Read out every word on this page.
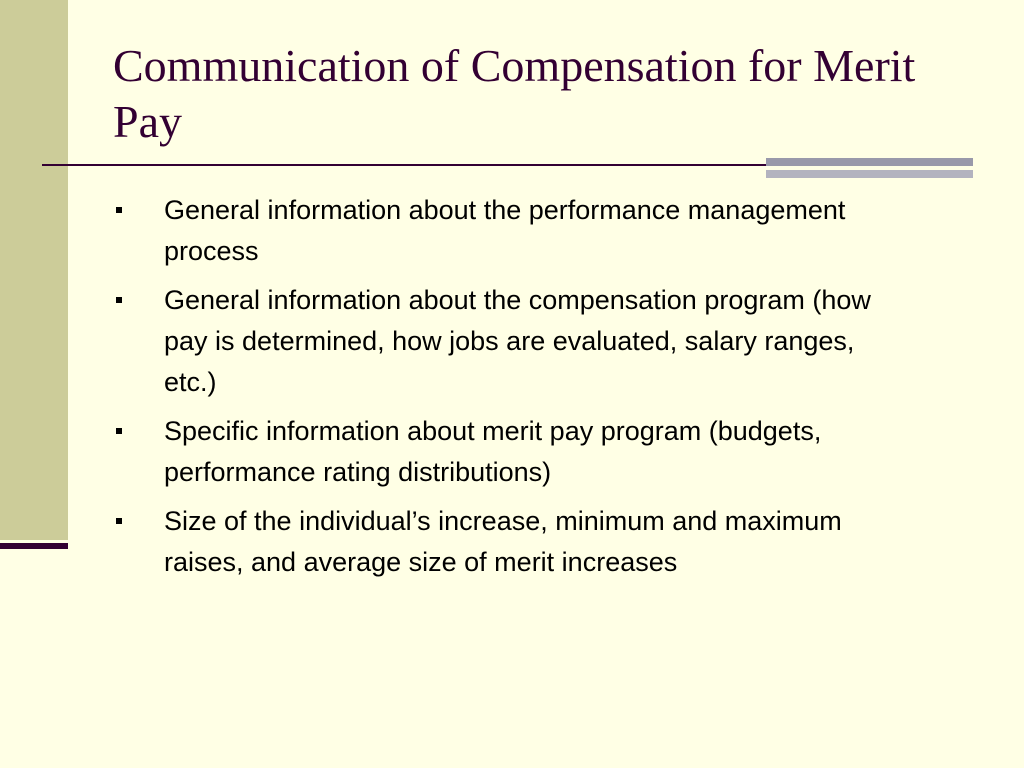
Communication of Compensation for Merit Pay
General information about the performance management process
General information about the compensation program (how pay is determined, how jobs are evaluated, salary ranges, etc.)
Specific information about merit pay program (budgets, performance rating distributions)
Size of the individual’s increase, minimum and maximum raises, and average size of merit increases
